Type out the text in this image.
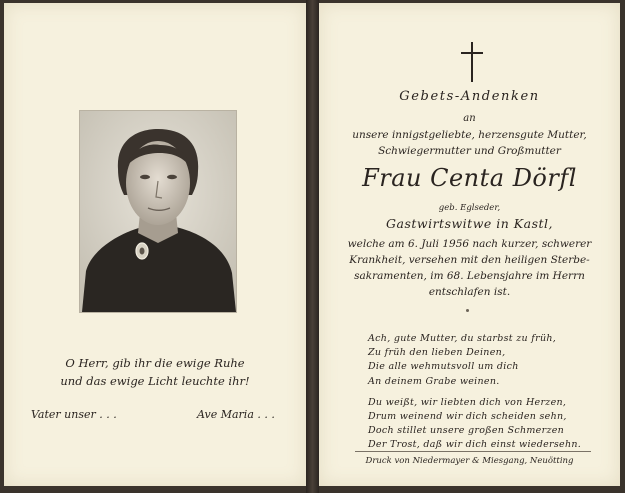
O Herr, gib ihr die ewige Ruhe
und das ewige Licht leuchte ihr!
Vater unser . . .	Ave Maria . . .
Gebets-Andenken
an
unsere innigstgeliebte, herzensgute Mutter,
Schwiegermutter und Großmutter
Frau Centa Dörfl
geb. Eglseder,
Gastwirtswitwe in Kastl,
welche am 6. Juli 1956 nach kurzer, schwerer
Krankheit, versehen mit den heiligen Sterbe-
sakramenten, im 68. Lebensjahre im Herrn
entschlafen ist.
Ach, gute Mutter, du starbst zu früh,
Zu früh den lieben Deinen,
Die alle wehmutsvoll um dich
An deinem Grabe weinen.
Du weißt, wir liebten dich von Herzen,
Drum weinend wir dich scheiden sehn,
Doch stillet unsere großen Schmerzen
Der Trost, daß wir dich einst wiedersehn.
Druck von Niedermayer & Miesgang, Neuötting
